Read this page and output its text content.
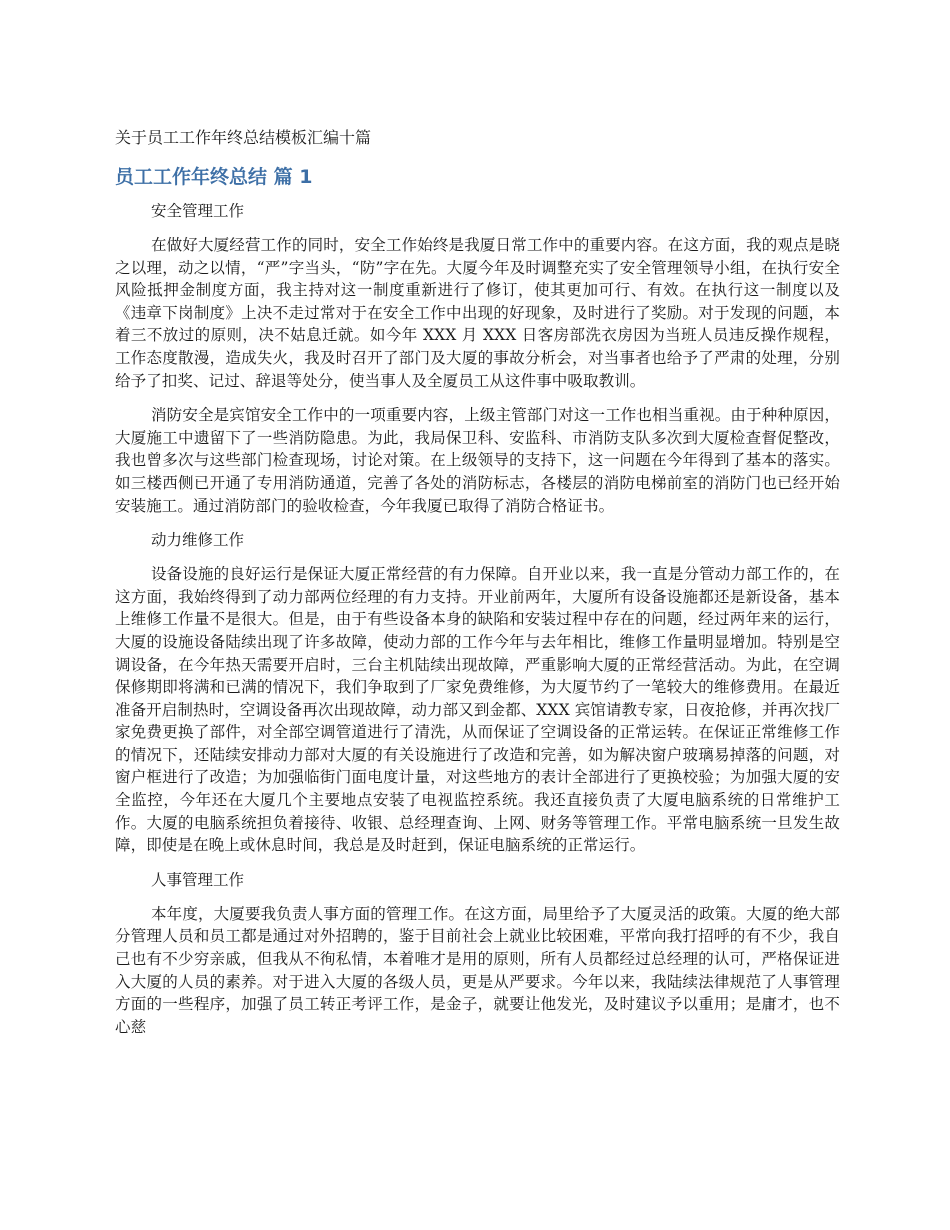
关于员工工作年终总结模板汇编十篇
员工工作年终总结 篇 1
安全管理工作

在做好大厦经营工作的同时，安全工作始终是我厦日常工作中的重要内容。在这方面，我的观点是晓之以理，动之以情，“严”字当头，“防”字在先。大厦今年及时调整充实了安全管理领导小组，在执行安全风险抵押金制度方面，我主持对这一制度重新进行了修订，使其更加可行、有效。在执行这一制度以及《违章下岗制度》上决不走过常对于在安全工作中出现的好现象，及时进行了奖励。对于发现的问题，本着三不放过的原则，决不姑息迁就。如今年 XXX 月 XXX 日客房部洗衣房因为当班人员违反操作规程，工作态度散漫，造成失火，我及时召开了部门及大厦的事故分析会，对当事者也给予了严肃的处理，分别给予了扣奖、记过、辞退等处分，使当事人及全厦员工从这件事中吸取教训。

消防安全是宾馆安全工作中的一项重要内容，上级主管部门对这一工作也相当重视。由于种种原因，大厦施工中遗留下了一些消防隐患。为此，我局保卫科、安监科、市消防支队多次到大厦检查督促整改，我也曾多次与这些部门检查现场，讨论对策。在上级领导的支持下，这一问题在今年得到了基本的落实。如三楼西侧已开通了专用消防通道，完善了各处的消防标志，各楼层的消防电梯前室的消防门也已经开始安装施工。通过消防部门的验收检查，今年我厦已取得了消防合格证书。

动力维修工作

设备设施的良好运行是保证大厦正常经营的有力保障。自开业以来，我一直是分管动力部工作的，在这方面，我始终得到了动力部两位经理的有力支持。开业前两年，大厦所有设备设施都还是新设备，基本上维修工作量不是很大。但是，由于有些设备本身的缺陷和安装过程中存在的问题，经过两年来的运行，大厦的设施设备陆续出现了许多故障，使动力部的工作今年与去年相比，维修工作量明显增加。特别是空调设备，在今年热天需要开启时，三台主机陆续出现故障，严重影响大厦的正常经营活动。为此，在空调保修期即将满和已满的情况下，我们争取到了厂家免费维修，为大厦节约了一笔较大的维修费用。在最近准备开启制热时，空调设备再次出现故障，动力部又到金都、XXX 宾馆请教专家，日夜抢修，并再次找厂家免费更换了部件，对全部空调管道进行了清洗，从而保证了空调设备的正常运转。在保证正常维修工作的情况下，还陆续安排动力部对大厦的有关设施进行了改造和完善，如为解决窗户玻璃易掉落的问题，对窗户框进行了改造；为加强临街门面电度计量，对这些地方的表计全部进行了更换校验；为加强大厦的安全监控，今年还在大厦几个主要地点安装了电视监控系统。我还直接负责了大厦电脑系统的日常维护工作。大厦的电脑系统担负着接待、收银、总经理查询、上网、财务等管理工作。平常电脑系统一旦发生故障，即使是在晚上或休息时间，我总是及时赶到，保证电脑系统的正常运行。

人事管理工作

本年度，大厦要我负责人事方面的管理工作。在这方面，局里给予了大厦灵活的政策。大厦的绝大部分管理人员和员工都是通过对外招聘的，鉴于目前社会上就业比较困难，平常向我打招呼的有不少，我自己也有不少穷亲戚，但我从不徇私情，本着唯才是用的原则，所有人员都经过总经理的认可，严格保证进入大厦的人员的素养。对于进入大厦的各级人员，更是从严要求。今年以来，我陆续法律规范了人事管理方面的一些程序，加强了员工转正考评工作，是金子，就要让他发光，及时建议予以重用；是庸才，也不心慈
